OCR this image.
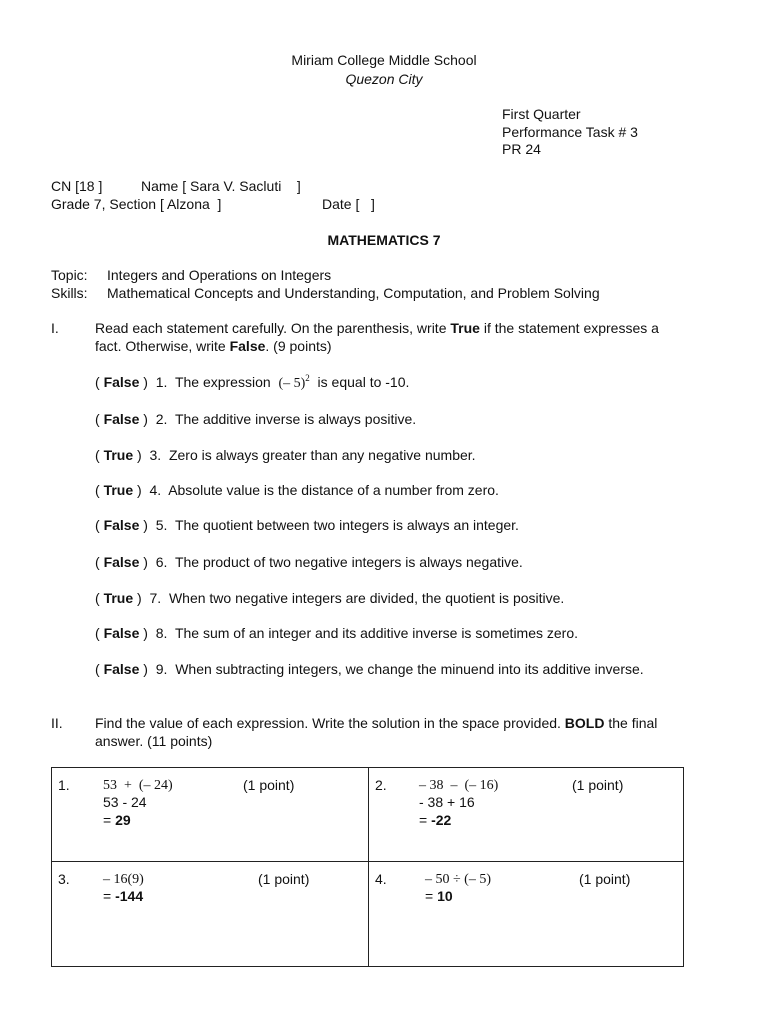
Miriam College Middle School
Quezon City
First Quarter
Performance Task # 3
PR 24
CN [18 ]	Name [ Sara V. Sacluti    ]
Grade 7, Section [ Alzona  ]	Date [   ]
MATHEMATICS 7
Topic: Integers and Operations on Integers
Skills: Mathematical Concepts and Understanding, Computation, and Problem Solving
I.	Read each statement carefully. On the parenthesis, write True if the statement expresses a
fact. Otherwise, write False. (9 points)
( False )  1. The expression (– 5)$^2$ is equal to -10.
( False )  2. The additive inverse is always positive.
( True )  3. Zero is always greater than any negative number.
( True )  4. Absolute value is the distance of a number from zero.
( False )  5. The quotient between two integers is always an integer.
( False )  6. The product of two negative integers is always negative.
( True )  7. When two negative integers are divided, the quotient is positive.
( False )  8. The sum of an integer and its additive inverse is sometimes zero.
( False )  9. When subtracting integers, we change the minuend into its additive inverse.
II. Find the value of each expression. Write the solution in the space provided. BOLD the final
answer. (11 points)
1. 53  +  (– 24)	(1 point)
53 - 24
= 29
2. – 38  –  (– 16)	(1 point)
- 38 + 16
= -22
3. – 16(9)	(1 point)
= -144
4.	– 50 ÷ (– 5)	(1 point)
= 10
